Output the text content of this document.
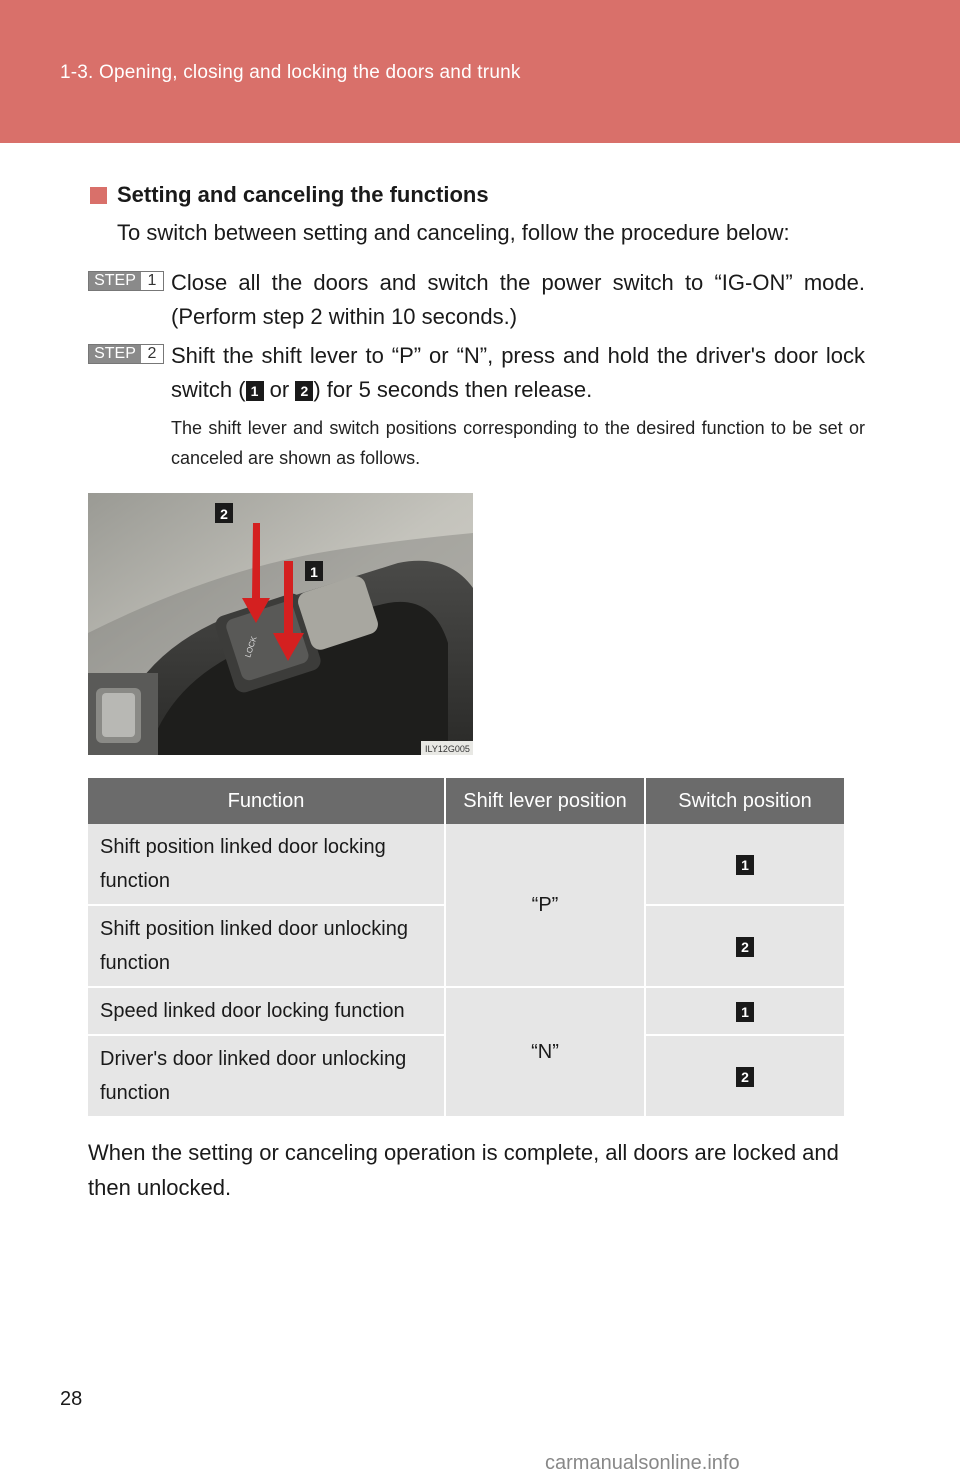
1-3. Opening, closing and locking the doors and trunk
Setting and canceling the functions
To switch between setting and canceling, follow the procedure below:
STEP 1 Close all the doors and switch the power switch to “IG-ON” mode. (Perform step 2 within 10 seconds.)
STEP 2 Shift the shift lever to “P” or “N”, press and hold the driver's door lock switch ( 1 or 2 ) for 5 seconds then release.
The shift lever and switch positions corresponding to the desired function to be set or canceled are shown as follows.
2
1
LOCK
ILY12G005
Function	Shift lever position	Switch position
Shift position linked door locking function	“P”	1
Shift position linked door unlocking function		2
Speed linked door locking function	“N”	1
Driver's door linked door unlocking function		2
When the setting or canceling operation is complete, all doors are locked and then unlocked.
28
carmanualsonline.info
